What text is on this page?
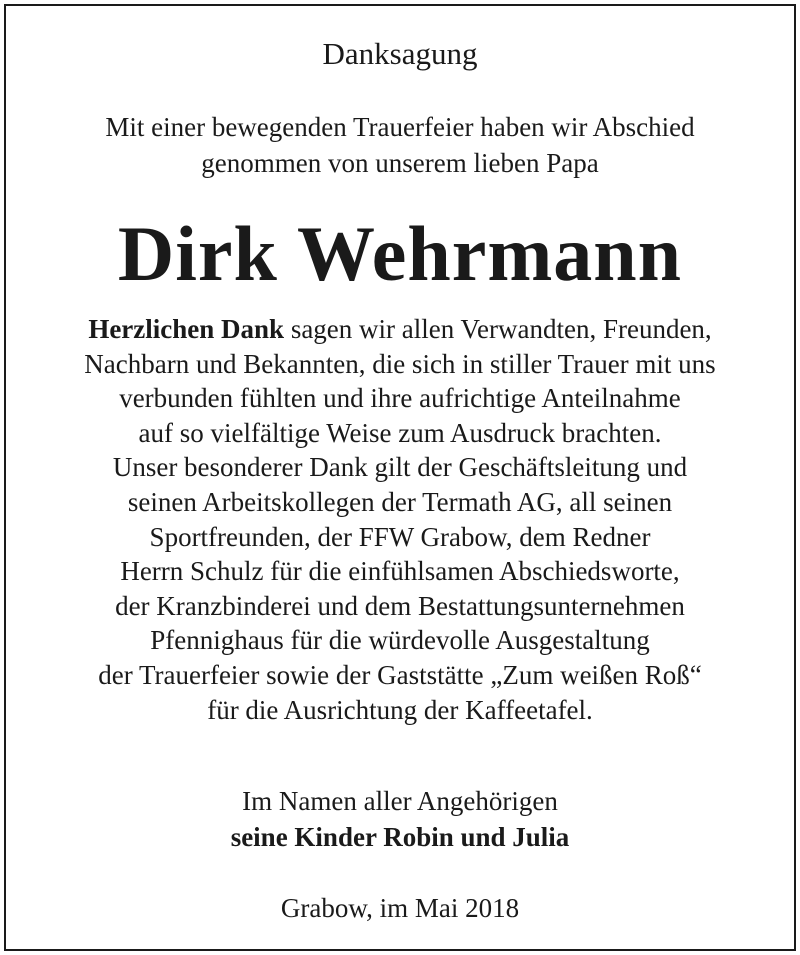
Danksagung
Mit einer bewegenden Trauerfeier haben wir Abschied
genommen von unserem lieben Papa
Dirk Wehrmann
Herzlichen Dank sagen wir allen Verwandten, Freunden,
Nachbarn und Bekannten, die sich in stiller Trauer mit uns
verbunden fühlten und ihre aufrichtige Anteilnahme
auf so vielfältige Weise zum Ausdruck brachten.
Unser besonderer Dank gilt der Geschäftsleitung und
seinen Arbeitskollegen der Termath AG, all seinen
Sportfreunden, der FFW Grabow, dem Redner
Herrn Schulz für die einfühlsamen Abschiedsworte,
der Kranzbinderei und dem Bestattungsunternehmen
Pfennighaus für die würdevolle Ausgestaltung
der Trauerfeier sowie der Gaststätte „Zum weißen Roß“
für die Ausrichtung der Kaffeetafel.
Im Namen aller Angehörigen
seine Kinder Robin und Julia
Grabow, im Mai 2018
